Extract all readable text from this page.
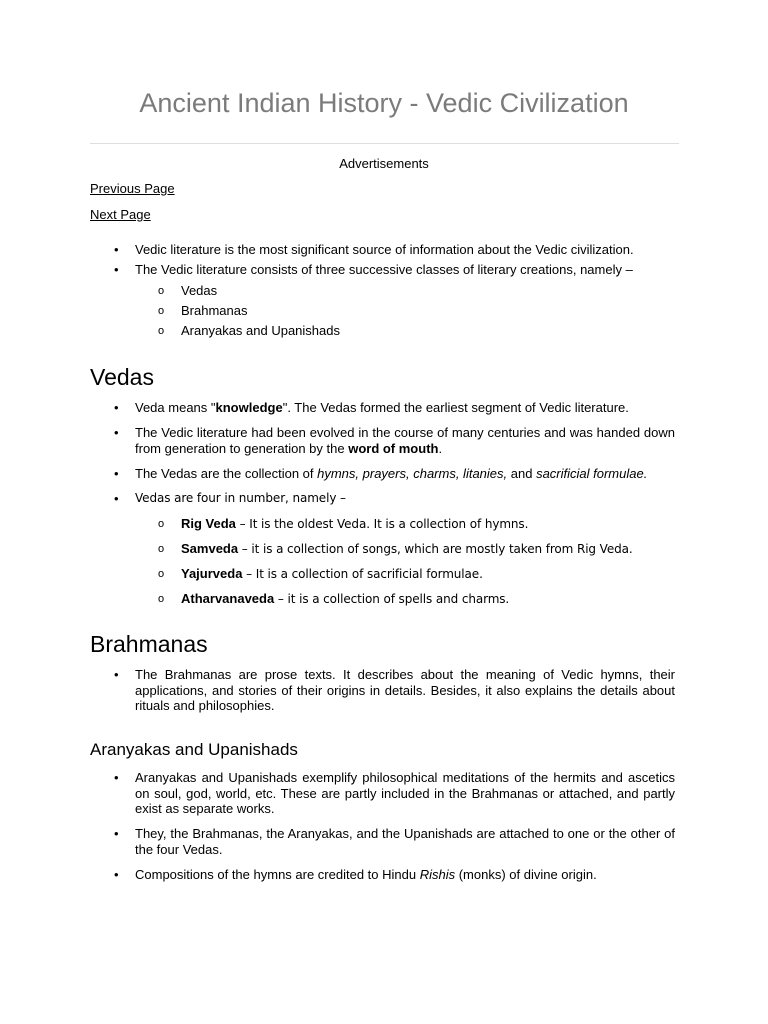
Ancient Indian History - Vedic Civilization
Advertisements
Previous Page
Next Page
• Vedic literature is the most significant source of information about the Vedic civilization.
• The Vedic literature consists of three successive classes of literary creations, namely –
o Vedas
o Brahmanas
o Aranyakas and Upanishads
Vedas
• Veda means "knowledge". The Vedas formed the earliest segment of Vedic literature.
• The Vedic literature had been evolved in the course of many centuries and was handed down from generation to generation by the word of mouth.
• The Vedas are the collection of hymns, prayers, charms, litanies, and sacrificial formulae.
• Vedas are four in number, namely –
o Rig Veda – It is the oldest Veda. It is a collection of hymns.
o Samveda – it is a collection of songs, which are mostly taken from Rig Veda.
o Yajurveda – It is a collection of sacrificial formulae.
o Atharvanaveda – it is a collection of spells and charms.
Brahmanas
• The Brahmanas are prose texts. It describes about the meaning of Vedic hymns, their applications, and stories of their origins in details. Besides, it also explains the details about rituals and philosophies.
Aranyakas and Upanishads
• Aranyakas and Upanishads exemplify philosophical meditations of the hermits and ascetics on soul, god, world, etc. These are partly included in the Brahmanas or attached, and partly exist as separate works.
• They, the Brahmanas, the Aranyakas, and the Upanishads are attached to one or the other of the four Vedas.
• Compositions of the hymns are credited to Hindu Rishis (monks) of divine origin.
